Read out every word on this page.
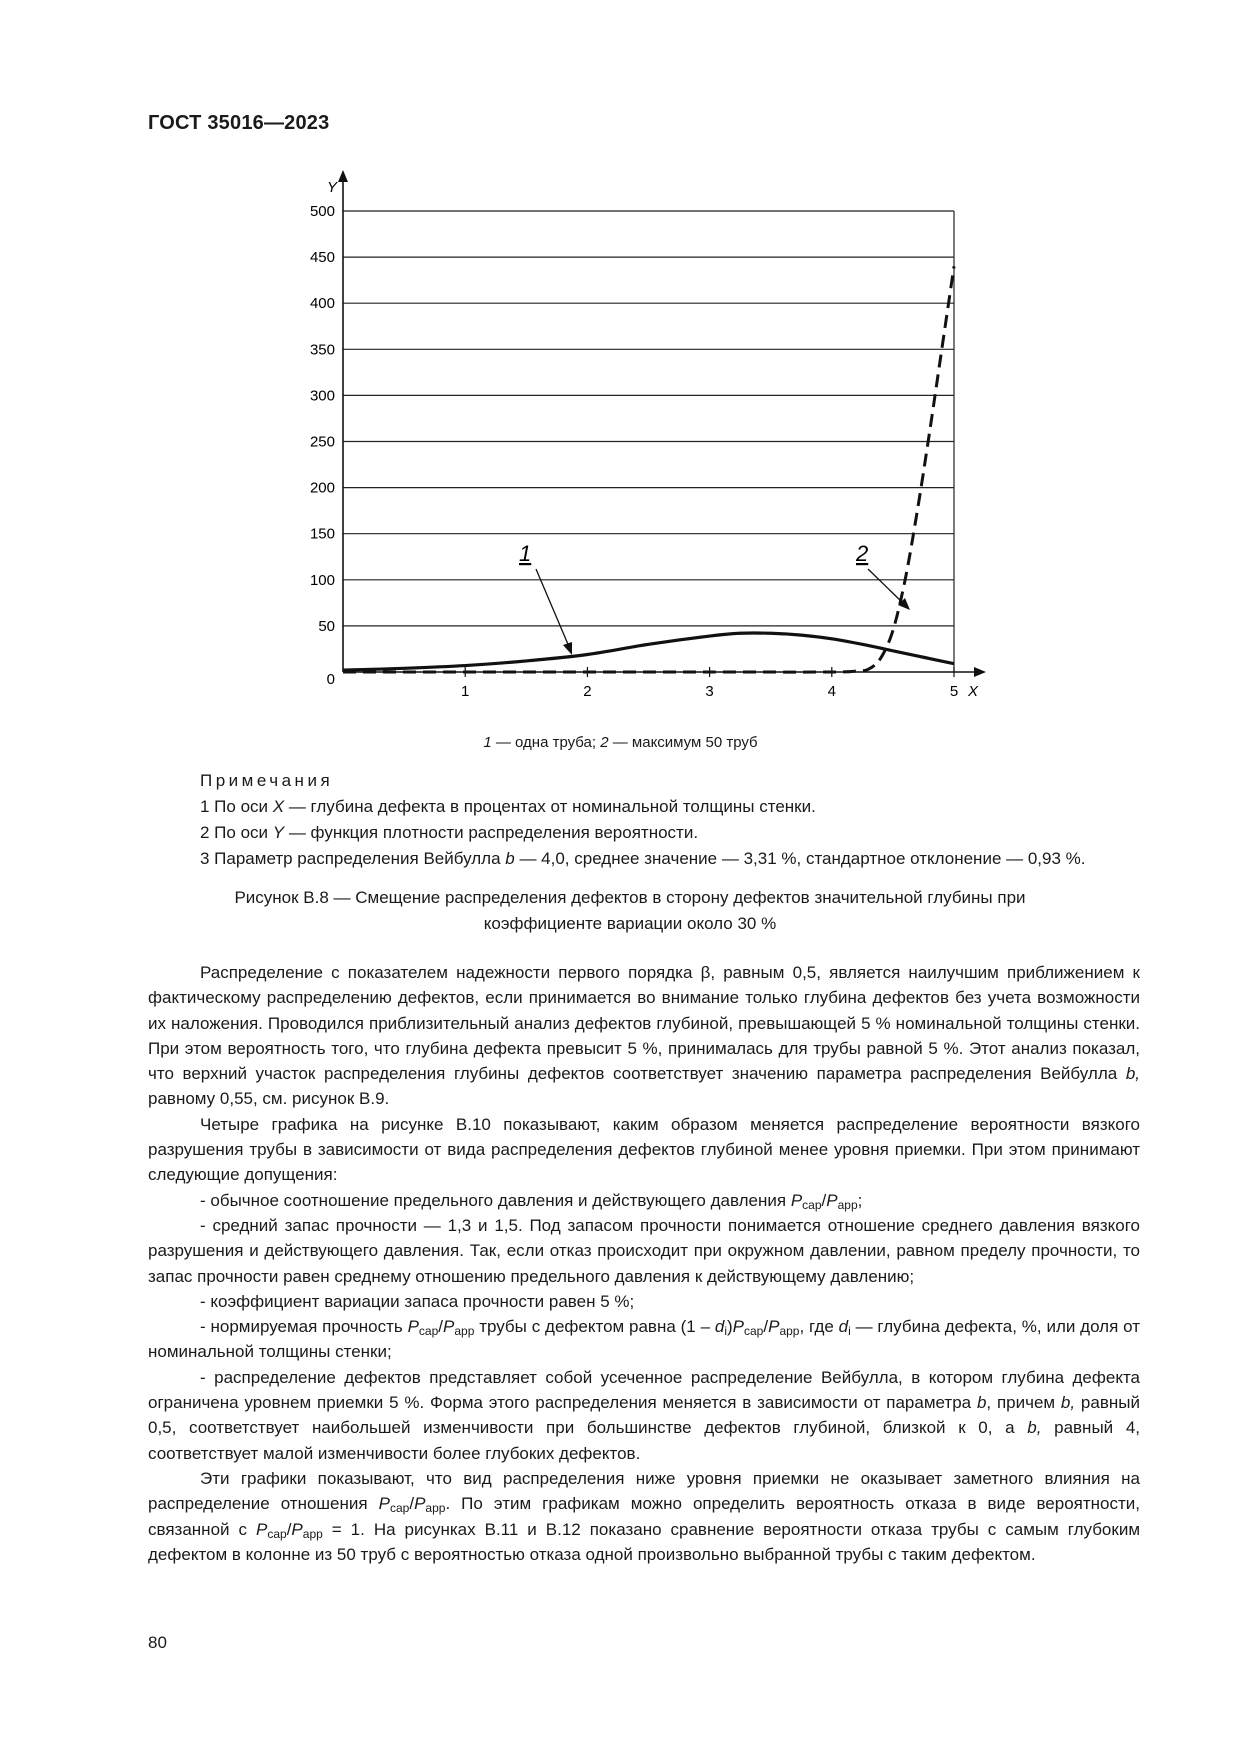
ГОСТ 35016—2023
0
50
100
150
200
250
300
350
400
450
500
1	2	3	4	5
Y
X
1	2
1 — одна труба; 2 — максимум 50 труб
Примечания
1 По оси X — глубина дефекта в процентах от номинальной толщины стенки.
2 По оси Y — функция плотности распределения вероятности.
3 Параметр распределения Вейбулла b — 4,0, среднее значение — 3,31 %, стандартное отклонение — 0,93 %.
Рисунок В.8 — Смещение распределения дефектов в сторону дефектов значительной глубины при
коэффициенте вариации около 30 %

Распределение с показателем надежности первого порядка β, равным 0,5, является наилучшим приближением к фактическому распределению дефектов, если принимается во внимание только глубина дефектов без учета возможности их наложения. Проводился приблизительный анализ дефектов глубиной, превышающей 5 % номинальной толщины стенки. При этом вероятность того, что глубина дефекта превысит 5 %, принималась для трубы равной 5 %. Этот анализ показал, что верхний участок распределения глубины дефектов соответствует значению параметра распределения Вейбулла b, равному 0,55, см. рисунок В.9.

Четыре графика на рисунке В.10 показывают, каким образом меняется распределение вероятности вязкого разрушения трубы в зависимости от вида распределения дефектов глубиной менее уровня приемки. При этом принимают следующие допущения:

- обычное соотношение предельного давления и действующего давления $P_{cap}/P_{app}$;

- средний запас прочности — 1,3 и 1,5. Под запасом прочности понимается отношение среднего давления вязкого разрушения и действующего давления. Так, если отказ происходит при окружном давлении, равном пределу прочности, то запас прочности равен среднему отношению предельного давления к действующему давлению;

- коэффициент вариации запаса прочности равен 5 %;

- нормируемая прочность $P_{cap}/P_{app}$ трубы с дефектом равна $(1 - d_i)P_{cap}/P_{app}$, где $d_i$ — глубина дефекта, %, или доля от номинальной толщины стенки;

- распределение дефектов представляет собой усеченное распределение Вейбулла, в котором глубина дефекта ограничена уровнем приемки 5 %. Форма этого распределения меняется в зависимости от параметра b, причем b, равный 0,5, соответствует наибольшей изменчивости при большинстве дефектов глубиной, близкой к 0, а b, равный 4, соответствует малой изменчивости более глубоких дефектов.

Эти графики показывают, что вид распределения ниже уровня приемки не оказывает заметного влияния на распределение отношения $P_{cap}/P_{app}$. По этим графикам можно определить вероятность отказа в виде вероятности, связанной с $P_{cap}/P_{app} = 1$. На рисунках В.11 и В.12 показано сравнение вероятности отказа трубы с самым глубоким дефектом в колонне из 50 труб с вероятностью отказа одной произвольно выбранной трубы с таким дефектом.

80
